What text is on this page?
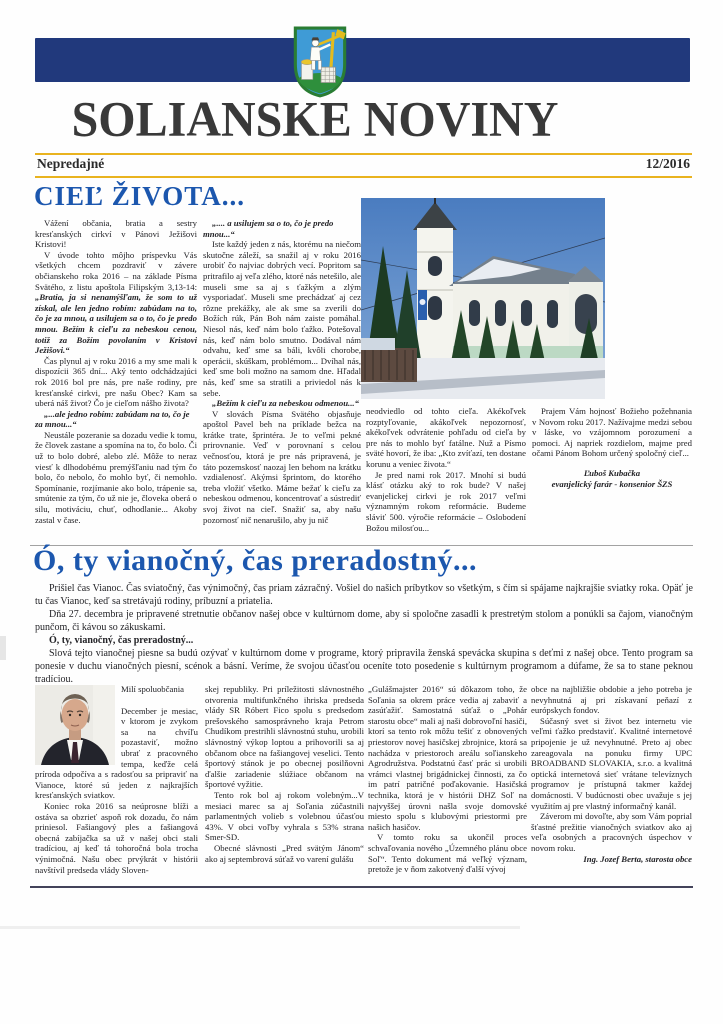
SOLIANSKE NOVINY
Nepredajné	12/2016
CIEĽ ŽIVOTA...

Vážení občania, bratia a sestry kresťanských cirkví v Pánovi Ježišovi Kristovi!

V úvode tohto môjho príspevku Vás všetkých chcem pozdraviť v závere občianskeho roka 2016 – na základe Písma Svätého, z listu apoštola Filipským 3,13-14: „Bratia, ja si nenamýšľam, že som to už získal, ale len jedno robím: zabúdam na to, čo je za mnou, a usilujem sa o to, čo je predo mnou. Bežím k cieľu za nebeskou cenou, totiž za Božím povolaním v Kristovi Ježišovi.“

Čas plynul aj v roku 2016 a my sme mali k dispozícii 365 dní... Aký tento odchádzajúci rok 2016 bol pre nás, pre naše rodiny, pre kresťanské cirkvi, pre našu Obec? Kam sa uberá náš život? Čo je cieľom nášho života?

„...ale jedno robím: zabúdam na to, čo je za mnou...“

Neustále pozeranie sa dozadu vedie k tomu, že človek zastane a spomína na to, čo bolo. Či už to bolo dobré, alebo zlé. Môže to neraz viesť k dlhodobému premýšľaniu nad tým čo bolo, čo nebolo, čo mohlo byť, či nemohlo. Spomínanie, rozjímanie ako bolo, trápenie sa, smútenie za tým, čo už nie je, človeka oberá o silu, motiváciu, chuť, odhodlanie... Akoby zastal v čase.

„.... a usilujem sa o to, čo je predo mnou...“

Iste každý jeden z nás, ktorému na niečom skutočne záleží, sa snažil aj v roku 2016 urobiť čo najviac dobrých vecí. Popritom sa pritrafilo aj veľa zlého, ktoré nás netešilo, ale museli sme sa aj s ťažkým a zlým vysporiadať. Museli sme prechádzať aj cez rôzne prekážky, ale ak sme sa zverili do Božích rúk, Pán Boh nám zaiste pomáhal. Niesol nás, keď nám bolo ťažko. Potešoval nás, keď nám bolo smutno. Dodával nám odvahu, keď sme sa báli, kvôli chorobe, operácii, skúškam, problémom... Dvíhal nás, keď sme boli možno na samom dne. Hľadal nás, keď sme sa stratili a priviedol nás k sebe.

„Bežím k cieľu za nebeskou odmenou...“

V slovách Písma Svätého objasňuje apoštol Pavel beh na príklade bežca na krátke trate, šprintéra. Je to veľmi pekné prirovnanie. Veď v porovnaní s celou večnosťou, ktorá je pre nás pripravená, je táto pozemskosť naozaj len behom na krátku vzdialenosť. Akýmsi šprintom, do ktorého treba vložiť všetko. Máme bežať k cieľu za nebeskou odmenou, koncentrovať a sústrediť svoj život na cieľ. Snažiť sa, aby našu pozornosť nič nenarušilo, aby ju nič

neodviedlo od tohto cieľa. Akékoľvek rozptyľovanie, akákoľvek nepozornosť, akékoľvek odvrátenie pohľadu od cieľa by pre nás to mohlo byť fatálne. Nuž a Písmo sväté hovorí, že iba: „Kto zvíťazí, ten dostane korunu a veniec života.“

Je pred nami rok 2017. Mnohí si budú klásť otázku aký to rok bude? V našej evanjelickej cirkvi je rok 2017 veľmi významným rokom reformácie. Budeme sláviť 500. výročie reformácie – Oslobodení Božou milosťou...

Prajem Vám hojnosť Božieho požehnania v Novom roku 2017. Nažívajme medzi sebou v láske, vo vzájomnom porozumení a pomoci. Aj napriek rozdielom, majme pred očami Pánom Bohom určený spoločný cieľ...

Ľuboš Kubačka
evanjelický farár - konsenior ŠZS
Ó, ty vianočný, čas preradostný...

Prišiel čas Vianoc. Čas sviatočný, čas výnimočný, čas priam zázračný. Vošiel do našich príbytkov so všetkým, s čím si spájame najkrajšie sviatky roka. Opäť je tu čas Vianoc, keď sa stretávajú rodiny, príbuzní a priatelia.

Dňa 27. decembra je pripravené stretnutie občanov našej obce v kultúrnom dome, aby si spoločne zasadli k prestretým stolom a ponúkli sa čajom, vianočným punčom, či kávou so zákuskami.

Ó, ty, vianočný, čas preradostný...

Slová tejto vianočnej piesne sa budú ozývať v kultúrnom dome v programe, ktorý pripravila ženská spevácka skupina s deťmi z našej obce. Tento program sa ponesie v duchu vianočných piesní, scénok a básní. Veríme, že svojou účasťou oceníte toto posedenie s kultúrnym programom a dúfame, že sa to stane peknou tradíciou.

Milí spoluobčania

December je mesiac, v ktorom je zvykom sa na chvíľu pozastaviť, možno ubrať z pracovného tempa, keďže celá príroda odpočíva a s radosťou sa pripraviť na Vianoce, ktoré sú jeden z najkrajších kresťanských sviatkov.

Koniec roka 2016 sa neúprosne blíži a ostáva sa obzrieť aspoň rok dozadu, čo nám priniesol. Fašiangový ples a fašiangová obecná zabíjačka sa už v našej obci stali tradíciou, aj keď tá tohoročná bola trocha výnimočná. Našu obec prvýkrát v histórii navštívil predseda vlády Sloven-

skej republiky. Pri príležitosti slávnostného otvorenia multifunkčného ihriska predseda vlády SR Róbert Fico spolu s predsedom prešovského samosprávneho kraja Petrom Chudíkom prestrihli slávnostnú stuhu, urobili slávnostný výkop loptou a prihovorili sa aj občanom obce na fašiangovej veselici. Tento športový stánok je po obecnej posilňovni ďalšie zariadenie slúžiace občanom na športové vyžitie.

Tento rok bol aj rokom volebným...V mesiaci marec sa aj Soľania zúčastnili parlamentných volieb s volebnou účasťou 43%. V obci voľby vyhrala s 53% strana Smer-SD.

Obecné slávnosti „Pred svätým Jánom“ ako aj septembrová súťaž vo varení gulášu

„Gulášmajster 2016“ sú dôkazom toho, že Soľania sa okrem práce vedia aj zabaviť a zasúťažiť. Samostatná súťaž o „Pohár starostu obce“ mali aj naši dobrovoľní hasiči, ktorí sa tento rok môžu tešiť z obnovených priestorov novej hasičskej zbrojnice, ktorá sa nachádza v priestoroch areálu soľianskeho Agrodružstva. Podstatnú časť prác si urobili vrámci vlastnej brigádnickej činnosti, za čo im patrí patričné poďakovanie. Hasičská technika, ktorá je v histórii DHZ Soľ na najvyššej úrovni našla svoje domovské miesto spolu s klubovými priestormi pre našich hasičov.

V tomto roku sa ukončil proces schvaľovania nového „Územného plánu obce Soľ“. Tento dokument má veľký význam, pretože je v ňom zakotvený ďalší vývoj

obce na najbližšie obdobie a jeho potreba je nevyhnutná aj pri získavaní peňazí z európskych fondov.

Súčasný svet si život bez internetu vie veľmi ťažko predstaviť. Kvalitné internetové pripojenie je už nevyhnutné. Preto aj obec zareagovala na ponuku firmy UPC BROADBAND SLOVAKIA, s.r.o. a kvalitná optická internetová sieť vrátane televíznych programov je prístupná takmer každej domácnosti. V budúcnosti obec uvažuje s jej využitím aj pre vlastný informačný kanál.

Záverom mi dovoľte, aby som Vám poprial šťastné prežitie vianočných sviatkov ako aj veľa osobných a pracovných úspechov v novom roku.

Ing. Jozef Berta, starosta obce
